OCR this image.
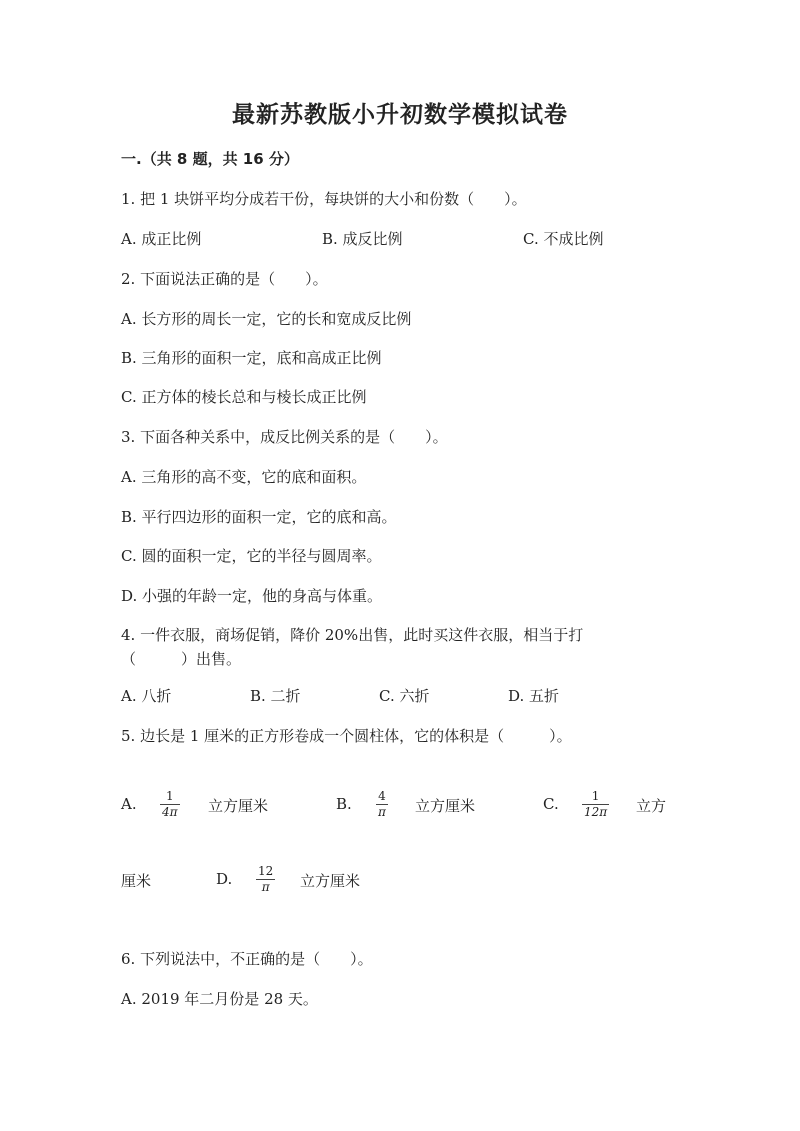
最新苏教版小升初数学模拟试卷
一.（共 8 题，共 16 分）
1. 把 1 块饼平均分成若干份，每块饼的大小和份数（　　）。
A. 成正比例	B. 成反比例	C. 不成比例
2. 下面说法正确的是（　　）。
A. 长方形的周长一定，它的长和宽成反比例
B. 三角形的面积一定，底和高成正比例
C. 正方体的棱长总和与棱长成正比例
3. 下面各种关系中，成反比例关系的是（　　）。
A. 三角形的高不变，它的底和面积。
B. 平行四边形的面积一定，它的底和高。
C. 圆的面积一定，它的半径与圆周率。
D. 小强的年龄一定，他的身高与体重。
4. 一件衣服，商场促销，降价 20%出售，此时买这件衣服，相当于打
（　　　）出售。
A. 八折	B. 二折	C. 六折	D. 五折
5. 边长是 1 厘米的正方形卷成一个圆柱体，它的体积是（　　　）。
A. 1
4π 立方厘米	B. 4
π 立方厘米	C.	1
12π 立方
厘米	D. 12
π 立方厘米
6. 下列说法中，不正确的是（　　）。
A. 2019 年二月份是 28 天。
